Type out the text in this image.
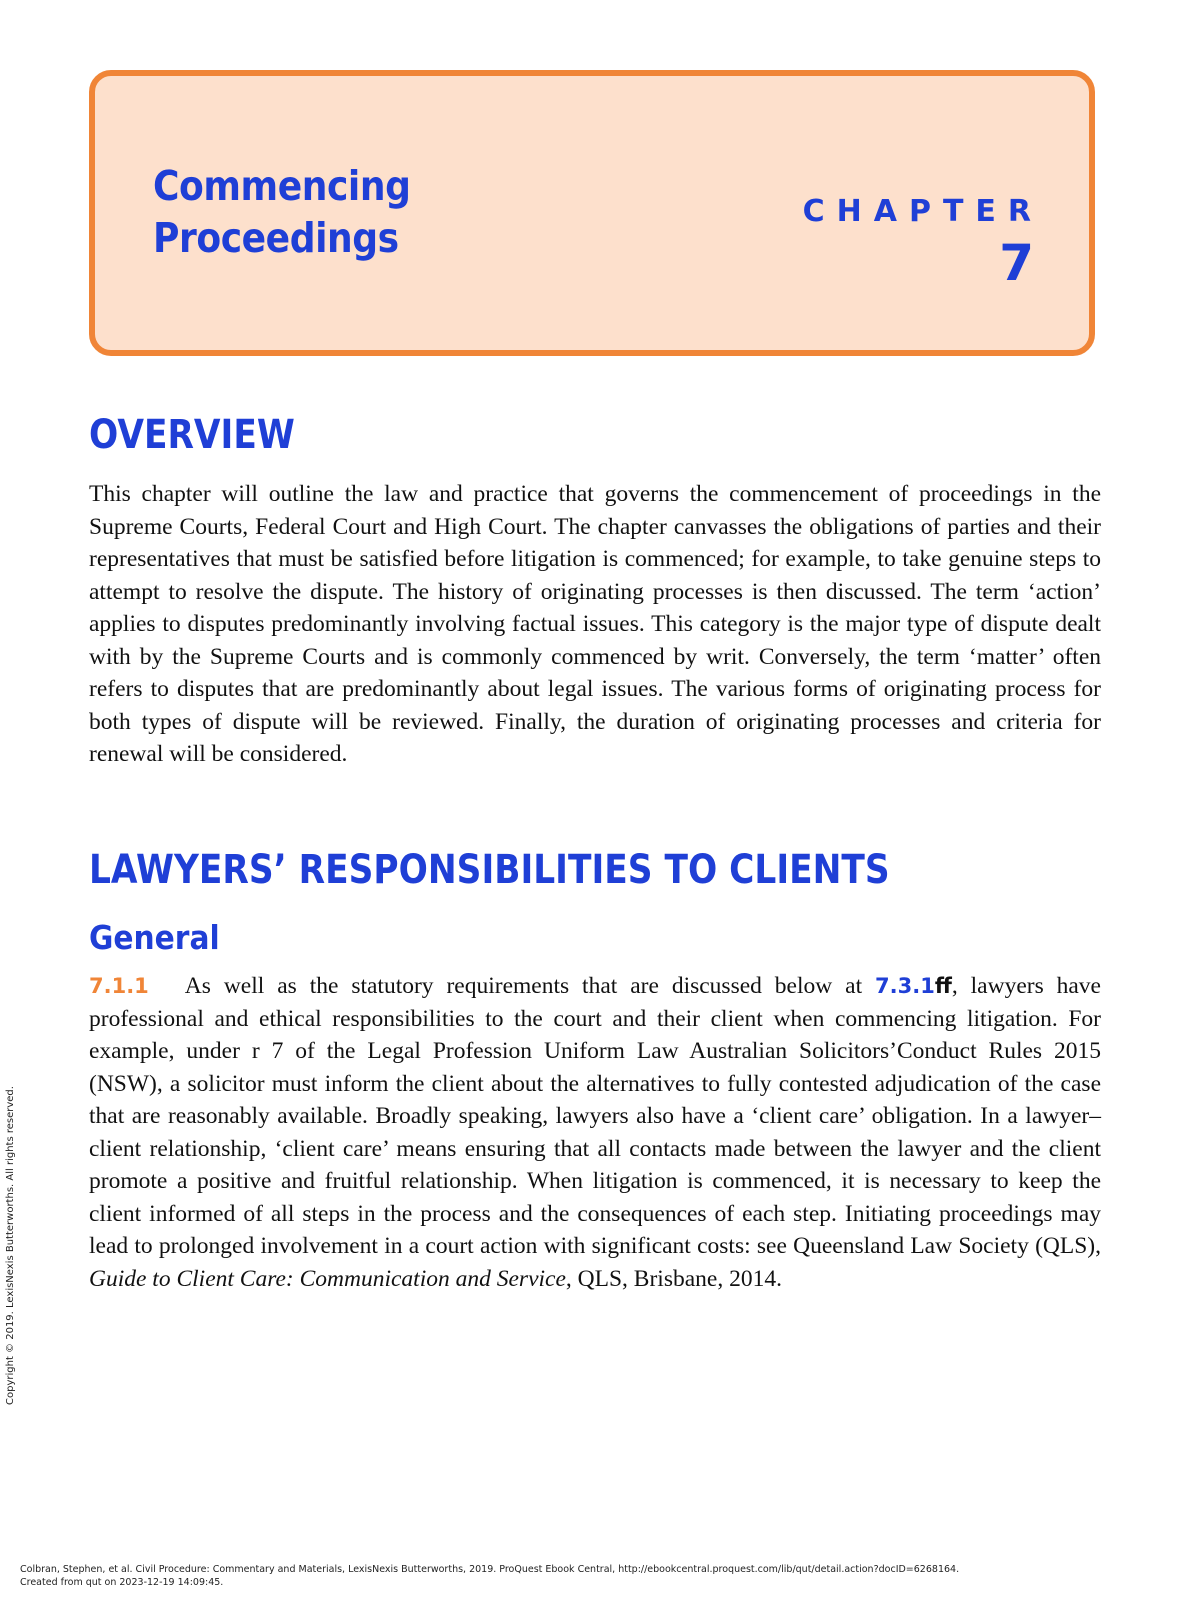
Commencing
Proceedings
CHAPTER
7
OVERVIEW

This chapter will outline the law and practice that governs the commencement of proceedings in the Supreme Courts, Federal Court and High Court. The chapter canvasses the obligations of parties and their representatives that must be satisfied before litigation is commenced; for example, to take genuine steps to attempt to resolve the dispute. The history of originating processes is then discussed. The term ‘action’ applies to disputes predominantly involving factual issues. This category is the major type of dispute dealt with by the Supreme Courts and is commonly commenced by writ. Conversely, the term ‘matter’ often refers to disputes that are predominantly about legal issues. The various forms of originating process for both types of dispute will be reviewed. Finally, the duration of originating processes and criteria for renewal will be considered.

LAWYERS’ RESPONSIBILITIES TO CLIENTS
General

7.1.1 As well as the statutory requirements that are discussed below at 7.3.1ff, lawyers have professional and ethical responsibilities to the court and their client when commencing litigation. For example, under r 7 of the Legal Profession Uniform Law Australian Solicitors’Conduct Rules 2015 (NSW), a solicitor must inform the client about the alternatives to fully contested adjudication of the case that are reasonably available. Broadly speaking, lawyers also have a ‘client care’ obligation. In a lawyer–client relationship, ‘client care’ means ensuring that all contacts made between the lawyer and the client promote a positive and fruitful relationship. When litigation is commenced, it is necessary to keep the client informed of all steps in the process and the consequences of each step. Initiating proceedings may lead to prolonged involvement in a court action with significant costs: see Queensland Law Society (QLS), Guide to Client Care: Communication and Service, QLS, Brisbane, 2014.

Copyright © 2019. LexisNexis Butterworths. All rights reserved.
Colbran, Stephen, et al. Civil Procedure: Commentary and Materials, LexisNexis Butterworths, 2019. ProQuest Ebook Central, http://ebookcentral.proquest.com/lib/qut/detail.action?docID=6268164.
Created from qut on 2023-12-19 14:09:45.
